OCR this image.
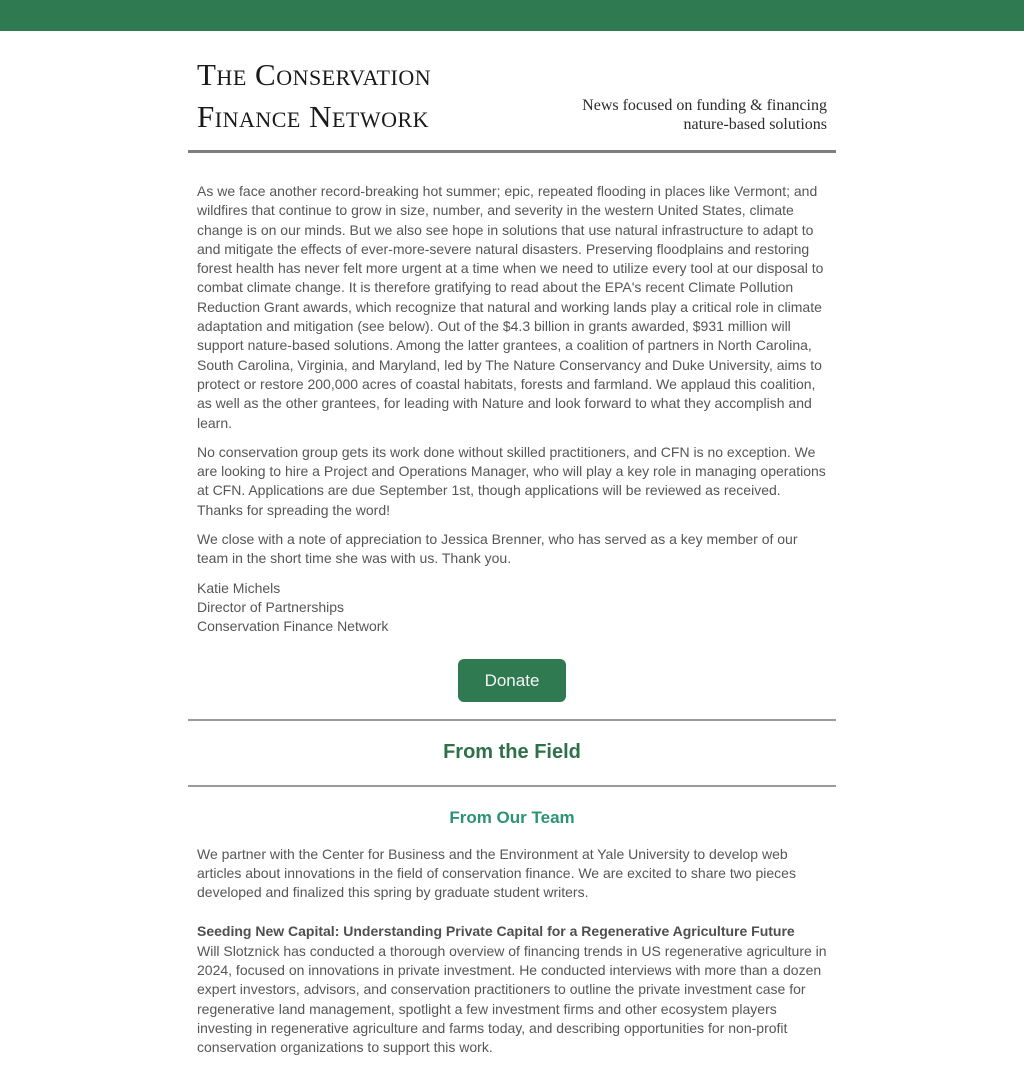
The Conservation
Finance Network	News focused on funding & financing
nature-based solutions

As we face another record-breaking hot summer; epic, repeated flooding in places like Vermont; and wildfires that continue to grow in size, number, and severity in the western United States, climate change is on our minds. But we also see hope in solutions that use natural infrastructure to adapt to and mitigate the effects of ever-more-severe natural disasters. Preserving floodplains and restoring forest health has never felt more urgent at a time when we need to utilize every tool at our disposal to combat climate change. It is therefore gratifying to read about the EPA's recent Climate Pollution Reduction Grant awards, which recognize that natural and working lands play a critical role in climate adaptation and mitigation (see below). Out of the $4.3 billion in grants awarded, $931 million will support nature-based solutions. Among the latter grantees, a coalition of partners in North Carolina, South Carolina, Virginia, and Maryland, led by The Nature Conservancy and Duke University, aims to protect or restore 200,000 acres of coastal habitats, forests and farmland. We applaud this coalition, as well as the other grantees, for leading with Nature and look forward to what they accomplish and learn.

No conservation group gets its work done without skilled practitioners, and CFN is no exception. We are looking to hire a Project and Operations Manager, who will play a key role in managing operations at CFN. Applications are due September 1st, though applications will be reviewed as received. Thanks for spreading the word!

We close with a note of appreciation to Jessica Brenner, who has served as a key member of our team in the short time she was with us. Thank you.

Katie Michels
Director of Partnerships
Conservation Finance Network
Donate
From the Field
From Our Team

We partner with the Center for Business and the Environment at Yale University to develop web articles about innovations in the field of conservation finance. We are excited to share two pieces developed and finalized this spring by graduate student writers.

Seeding New Capital: Understanding Private Capital for a Regenerative Agriculture Future
Will Slotznick has conducted a thorough overview of financing trends in US regenerative agriculture in 2024, focused on innovations in private investment. He conducted interviews with more than a dozen expert investors, advisors, and conservation practitioners to outline the private investment case for regenerative land management, spotlight a few investment firms and other ecosystem players investing in regenerative agriculture and farms today, and describing opportunities for non-profit conservation organizations to support this work.
